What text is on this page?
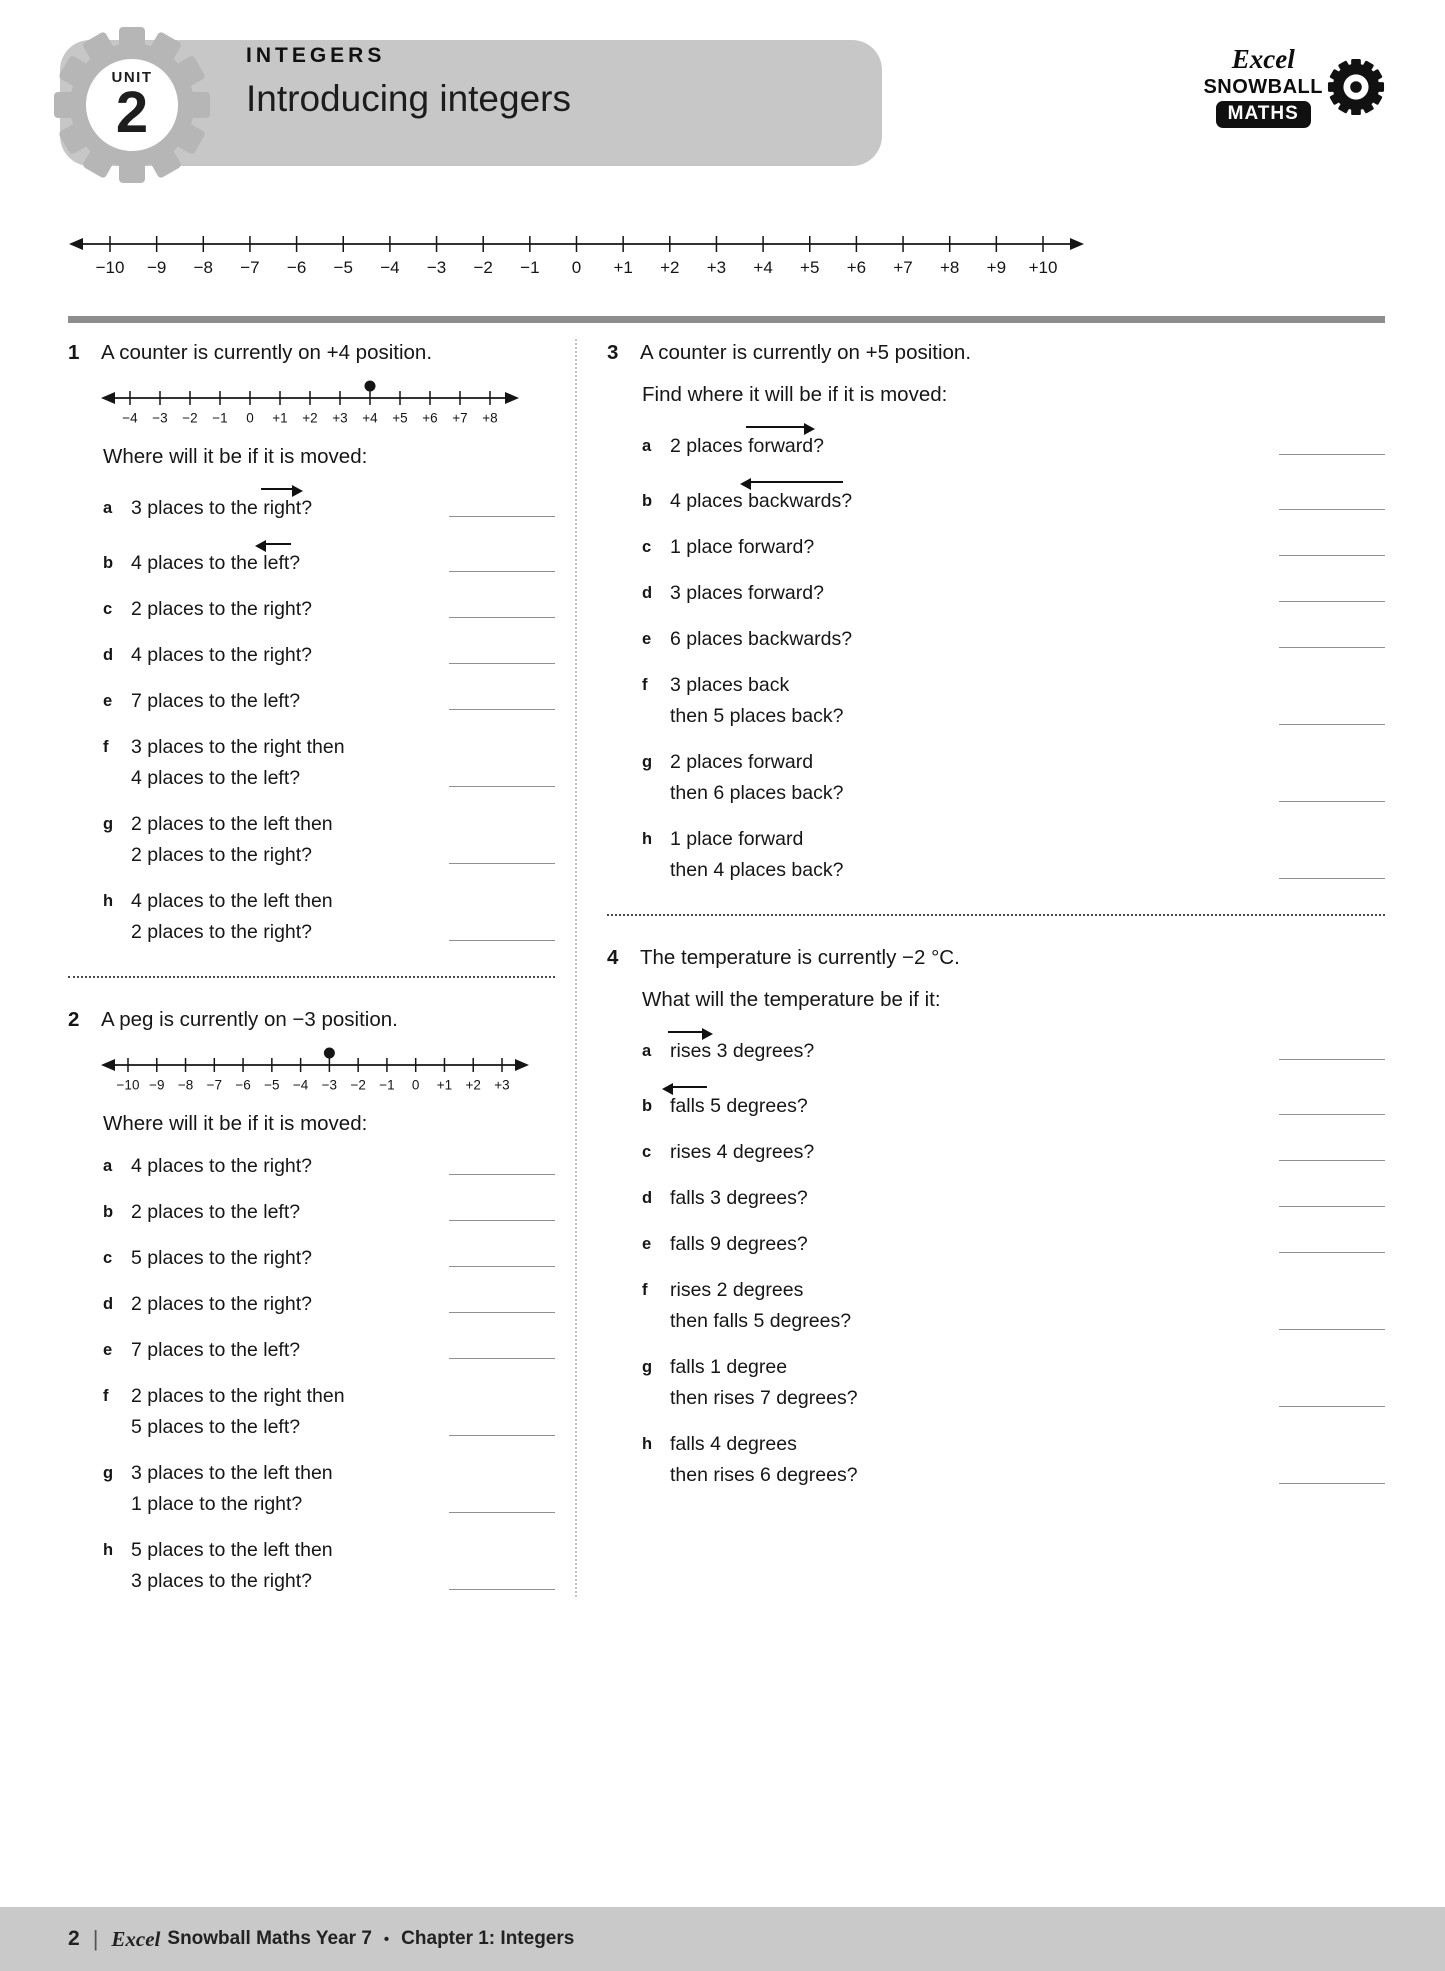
UNIT
2
INTEGERS
Introducing integers
Excel
SNOWBALL
MATHS
−10 −9 −8 −7 −6 −5 −4 −3 −2 −1 0 +1 +2 +3 +4 +5 +6 +7 +8 +9 +10
1	A counter is currently on +4 position.
−4 −3 −2 −1 0 +1 +2 +3 +4 +5 +6 +7 +8
Where will it be if it is moved:
a 3 places to the right
?
b 4 places to the left
?
c 2 places to the right?
d 4 places to the right?
e 7 places to the left?
f	3 places to the right then
4 places to the left?
g 2 places to the left then
2 places to the right?
h 4 places to the left then
2 places to the right?
2	A peg is currently on −3 position.
−10 −9 −8 −7 −6 −5 −4 −3 −2 −1 0 +1 +2 +3
Where will it be if it is moved:
a 4 places to the right?
b 2 places to the left?
c 5 places to the right?
d 2 places to the right?
e 7 places to the left?
f	2 places to the right then
5 places to the left?
g 3 places to the left then
1 place to the right?
h 5 places to the left then
3 places to the right?
3	A counter is currently on +5 position.
Find where it will be if it is moved:
a 2 places forward
?
b 4 places backwards
?
c 1 place forward?
d 3 places forward?
e 6 places backwards?
f	3 places back
then 5 places back?
g 2 places forward
then 6 places back?
h 1 place forward
then 4 places back?
4	The temperature is currently −2 °C.
What will the temperature be if it:
a rises
3 degrees?
b falls
5 degrees?
c rises 4 degrees?
d falls 3 degrees?
e falls 9 degrees?
f	rises 2 degrees
then falls 5 degrees?
g falls 1 degree
then rises 7 degrees?
h falls 4 degrees
then rises 6 degrees?
2 | Excel Snowball Maths Year 7 • Chapter 1: Integers
